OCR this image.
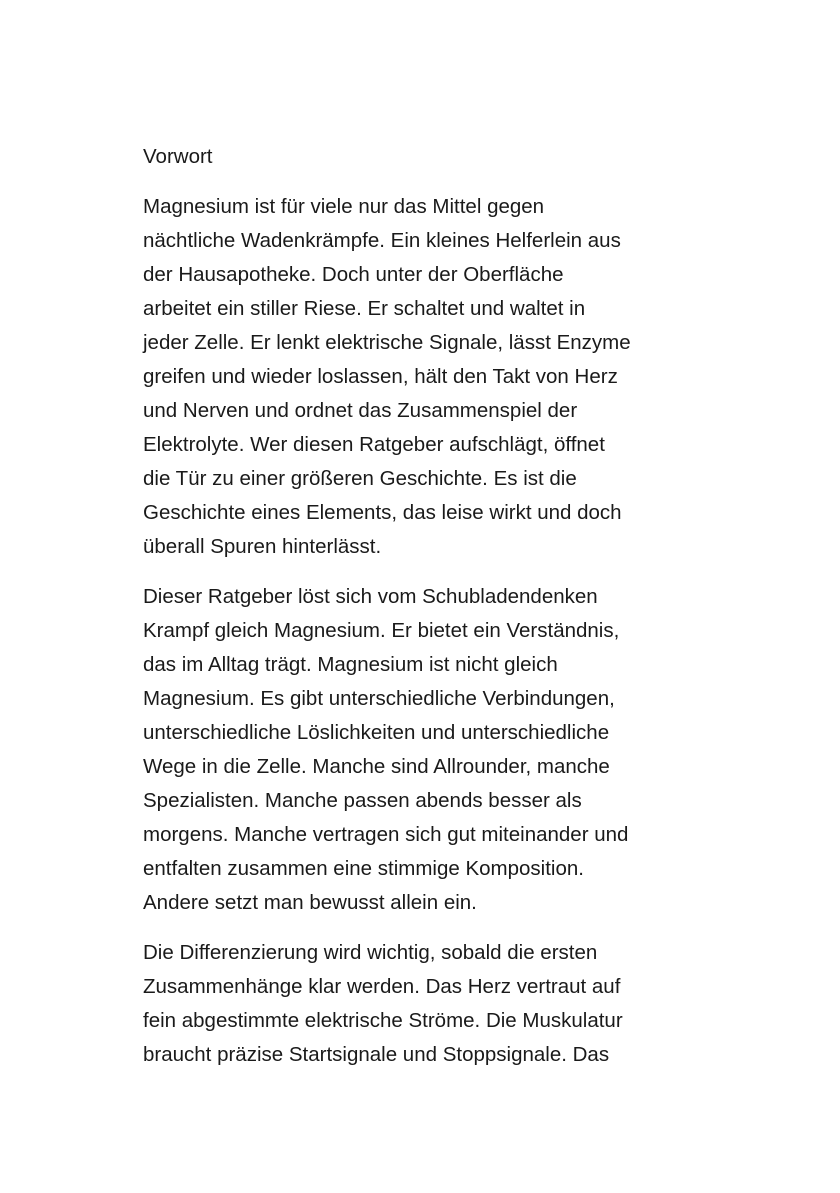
Vorwort
Magnesium ist für viele nur das Mittel gegen
nächtliche Wadenkrämpfe. Ein kleines Helferlein aus
der Hausapotheke. Doch unter der Oberfläche
arbeitet ein stiller Riese. Er schaltet und waltet in
jeder Zelle. Er lenkt elektrische Signale, lässt Enzyme
greifen und wieder loslassen, hält den Takt von Herz
und Nerven und ordnet das Zusammenspiel der
Elektrolyte. Wer diesen Ratgeber aufschlägt, öffnet
die Tür zu einer größeren Geschichte. Es ist die
Geschichte eines Elements, das leise wirkt und doch
überall Spuren hinterlässt.
Dieser Ratgeber löst sich vom Schubladendenken
Krampf gleich Magnesium. Er bietet ein Verständnis,
das im Alltag trägt. Magnesium ist nicht gleich
Magnesium. Es gibt unterschiedliche Verbindungen,
unterschiedliche Löslichkeiten und unterschiedliche
Wege in die Zelle. Manche sind Allrounder, manche
Spezialisten. Manche passen abends besser als
morgens. Manche vertragen sich gut miteinander und
entfalten zusammen eine stimmige Komposition.
Andere setzt man bewusst allein ein.
Die Differenzierung wird wichtig, sobald die ersten
Zusammenhänge klar werden. Das Herz vertraut auf
fein abgestimmte elektrische Ströme. Die Muskulatur
braucht präzise Startsignale und Stoppsignale. Das
